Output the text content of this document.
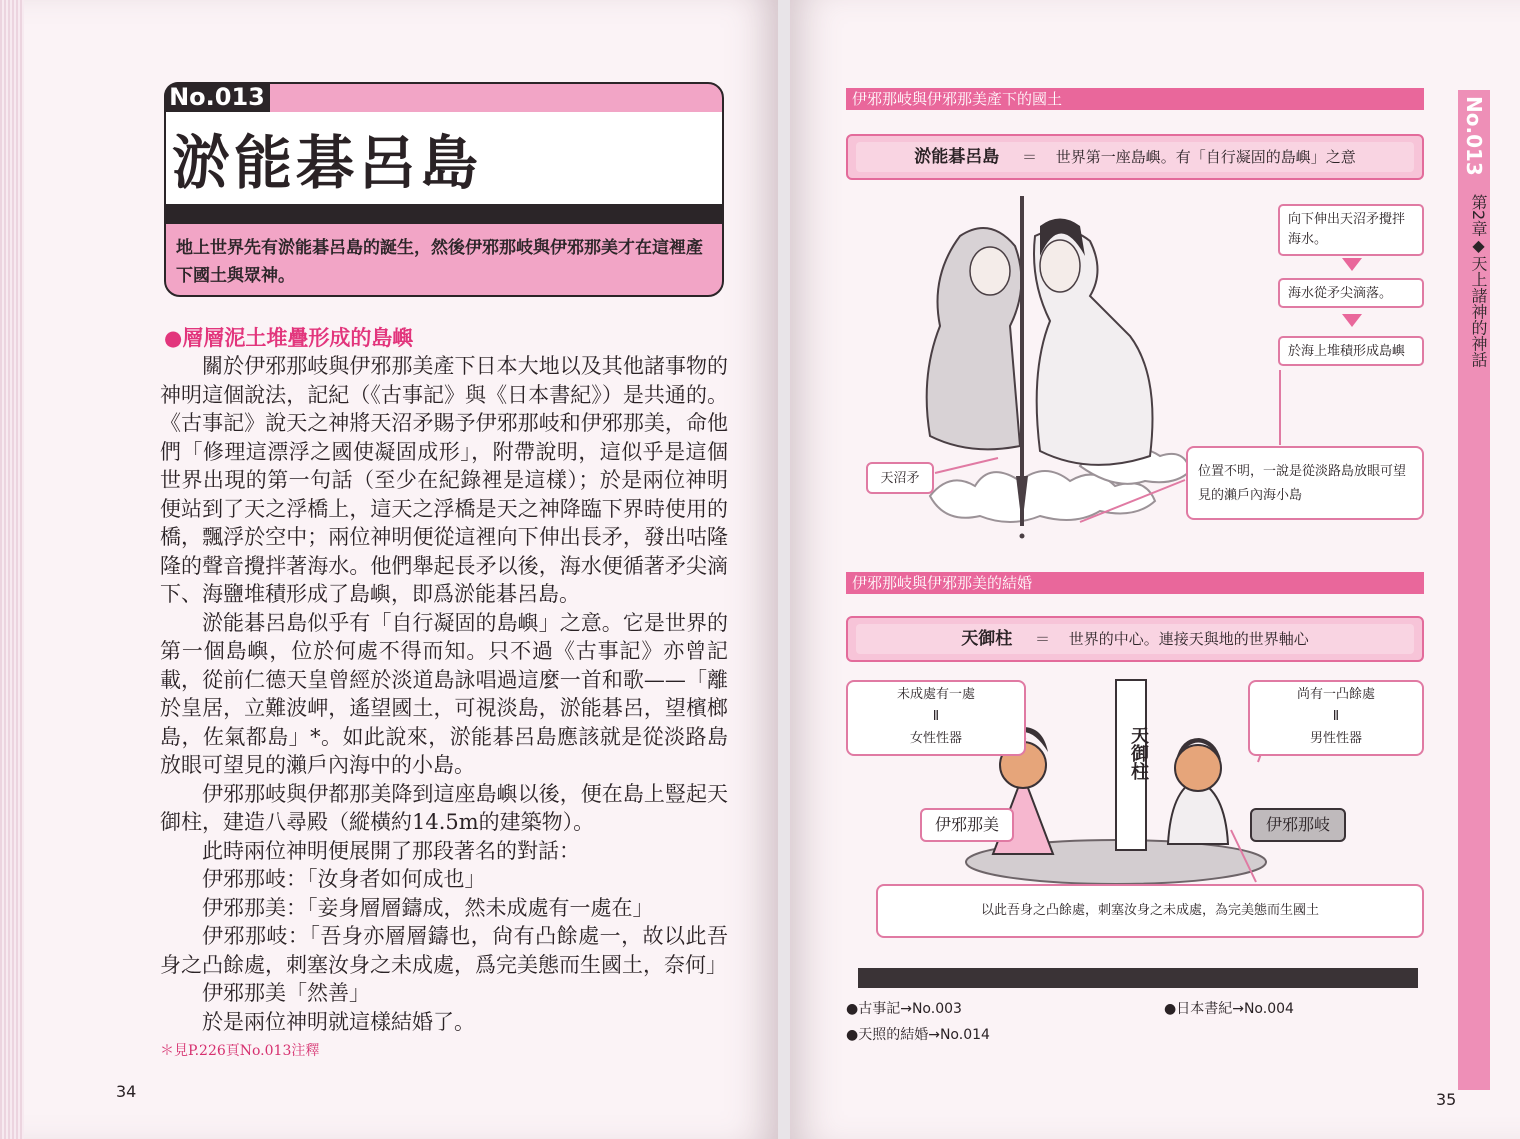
No.013
淤能碁呂島
地上世界先有淤能碁呂島的誕生，然後伊邪那岐與伊邪那美才在這裡產下國土與眾神。
●層層泥土堆疊形成的島嶼

關於伊邪那岐與伊邪那美產下日本大地以及其他諸事物的神明這個說法，記紀（《古事記》與《日本書紀》）是共通的。《古事記》說天之神將天沼矛賜予伊邪那岐和伊邪那美，命他們「修理這漂浮之國使凝固成形」，附帶說明，這似乎是這個世界出現的第一句話（至少在紀錄裡是這樣）；於是兩位神明便站到了天之浮橋上，這天之浮橋是天之神降臨下界時使用的橋，飄浮於空中；兩位神明便從這裡向下伸出長矛，發出咕隆隆的聲音攪拌著海水。他們舉起長矛以後，海水便循著矛尖滴下、海鹽堆積形成了島嶼，即爲淤能碁呂島。

淤能碁呂島似乎有「自行凝固的島嶼」之意。它是世界的第一個島嶼，位於何處不得而知。只不過《古事記》亦曾記載，從前仁德天皇曾經於淡道島詠唱過這麼一首和歌——「離於皇居，立難波岬，遙望國土，可視淡島，淤能碁呂，望檳榔島，佐氣都島」*。如此說來，淤能碁呂島應該就是從淡路島放眼可望見的瀨戶內海中的小島。

伊邪那岐與伊都那美降到這座島嶼以後，便在島上豎起天御柱，建造八尋殿（縱橫約14.5m的建築物）。

此時兩位神明便展開了那段著名的對話：

伊邪那岐：「汝身者如何成也」

伊邪那美：「妾身層層鑄成，然未成處有一處在」

伊邪那岐：「吾身亦層層鑄也，尙有凸餘處一，故以此吾身之凸餘處，刺塞汝身之未成處，爲完美態而生國土，奈何」

伊邪那美「然善」

於是兩位神明就這樣結婚了。

＊見P.226頁No.013注釋
34
No.013
第2章◆天上諸神的神話
伊邪那岐與伊邪那美產下的國土
淤能碁呂島 ＝ 世界第一座島嶼。有「自行凝固的島嶼」之意
向下伸出天沼矛攪拌海水。
海水從矛尖滴落。
於海上堆積形成島嶼
天沼矛	位置不明，一說是從淡路島放眼可望見的瀨戶內海小島
伊邪那岐與伊邪那美的結婚
天御柱 ＝ 世界的中心。連接天與地的世界軸心
未成處有一處
Ⅱ
女性性器
尚有一凸餘處
Ⅱ
男性性器
天御柱
伊邪那美	伊邪那岐
以此吾身之凸餘處，刺塞汝身之未成處，為完美態而生國土
●古事記→No.003	●日本書紀→No.004
●天照的結婚→No.014
35
